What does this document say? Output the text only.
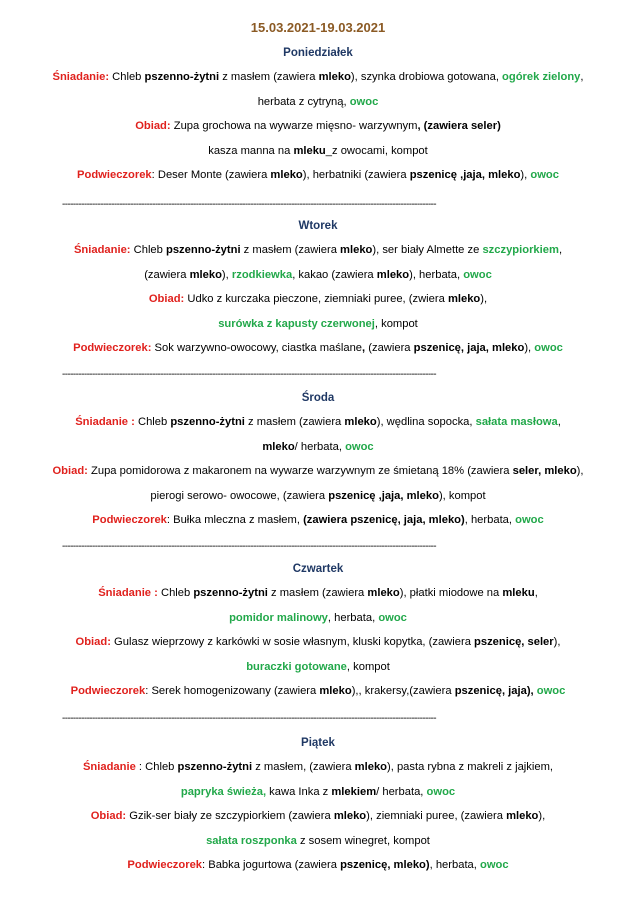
15.03.2021-19.03.2021
Poniedziałek
Śniadanie: Chleb pszenno-żytni z masłem (zawiera mleko), szynka drobiowa gotowana, ogórek zielony,
herbata z cytryną, owoc
Obiad: Zupa grochowa na wywarze mięsno- warzywnym, (zawiera seler)
kasza manna na mleku_z owocami, kompot
Podwieczorek: Deser Monte (zawiera mleko), herbatniki (zawiera pszenicę ,jaja, mleko), owoc
-----------------------------------------------------------------------------------------------------------------------------------------
Wtorek
Śniadanie: Chleb pszenno-żytni z masłem (zawiera mleko), ser biały Almette ze szczypiorkiem,
(zawiera mleko), rzodkiewka, kakao (zawiera mleko), herbata, owoc
Obiad: Udko z kurczaka pieczone, ziemniaki puree, (zwiera mleko),
surówka z kapusty czerwonej, kompot
Podwieczorek: Sok warzywno-owocowy, ciastka maślane, (zawiera pszenicę, jaja, mleko), owoc
-----------------------------------------------------------------------------------------------------------------------------------------
Środa
Śniadanie : Chleb pszenno-żytni z masłem (zawiera mleko), wędlina sopocka, sałata masłowa,
mleko/ herbata, owoc
Obiad: Zupa pomidorowa z makaronem na wywarze warzywnym ze śmietaną 18% (zawiera seler, mleko),
pierogi serowo- owocowe, (zawiera pszenicę ,jaja, mleko), kompot
Podwieczorek: Bułka mleczna z masłem, (zawiera pszenicę, jaja, mleko), herbata, owoc
-----------------------------------------------------------------------------------------------------------------------------------------
Czwartek
Śniadanie : Chleb pszenno-żytni z masłem (zawiera mleko), płatki miodowe na mleku,
pomidor malinowy, herbata, owoc
Obiad: Gulasz wieprzowy z karkówki w sosie własnym, kluski kopytka, (zawiera pszenicę, seler),
buraczki gotowane, kompot
Podwieczorek: Serek homogenizowany (zawiera mleko),, krakersy,(zawiera pszenicę, jaja), owoc
-----------------------------------------------------------------------------------------------------------------------------------------
Piątek
Śniadanie : Chleb pszenno-żytni z masłem, (zawiera mleko), pasta rybna z makreli z jajkiem,
papryka świeża, kawa Inka z mlekiem/ herbata, owoc
Obiad: Gzik-ser biały ze szczypiorkiem (zawiera mleko), ziemniaki puree, (zawiera mleko),
sałata roszponka z sosem winegret, kompot
Podwieczorek: Babka jogurtowa (zawiera pszenicę, mleko), herbata, owoc
